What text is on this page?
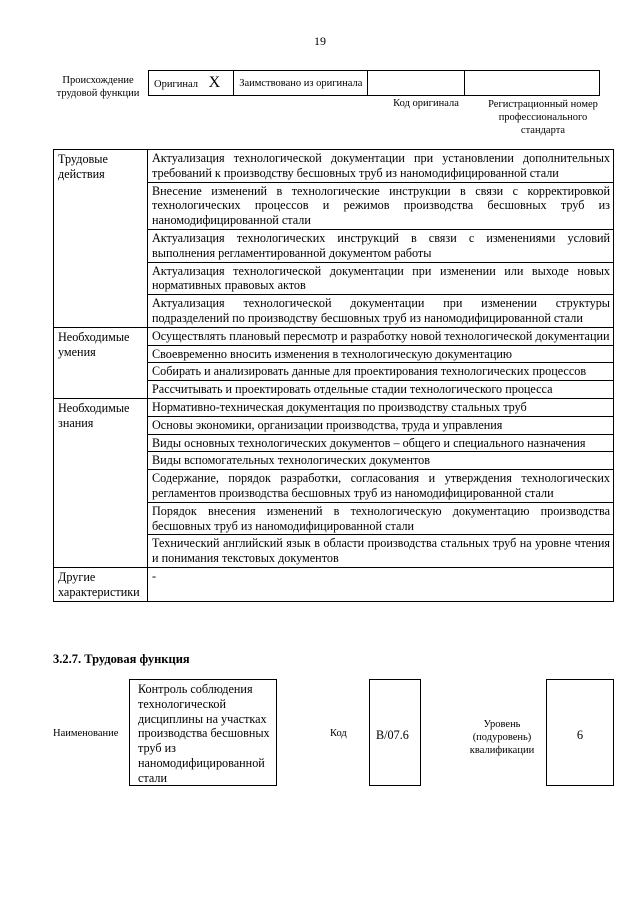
19
Происхождение трудовой функции
Оригинал X	Заимствовано из оригинала		
Код оригинала	Регистрационный номер профессионального стандарта
Трудовые действия	Актуализация технологической документации при установлении дополнительных требований к производству бесшовных труб из наномодифицированной стали
	Внесение изменений в технологические инструкции в связи с корректировкой технологических процессов и режимов производства бесшовных труб из наномодифицированной стали
	Актуализация технологических инструкций в связи с изменениями условий выполнения регламентированной документом работы
	Актуализация технологической документации при изменении или выходе новых нормативных правовых актов
	Актуализация технологической документации при изменении структуры подразделений по производству бесшовных труб из наномодифицированной стали
Необходимые умения	Осуществлять плановый пересмотр и разработку новой технологической документации
	Своевременно вносить изменения в технологическую документацию
	Собирать и анализировать данные для проектирования технологических процессов
	Рассчитывать и проектировать отдельные стадии технологического процесса
Необходимые знания	Нормативно-техническая документация по производству стальных труб
	Основы экономики, организации производства, труда и управления
	Виды основных технологических документов – общего и специального назначения
	Виды вспомогательных технологических документов
	Содержание, порядок разработки, согласования и утверждения технологических регламентов производства бесшовных труб из наномодифицированной стали
	Порядок внесения изменений в технологическую документацию производства бесшовных труб из наномодифицированной стали
	Технический английский язык в области производства стальных труб на уровне чтения и понимания текстовых документов
Другие характеристики	-
3.2.7. Трудовая функция
Наименование
Контроль соблюдения технологической дисциплины на участках производства бесшовных труб из наномодифицированной стали
Код	В/07.6
Уровень (подуровень) квалификации
6
